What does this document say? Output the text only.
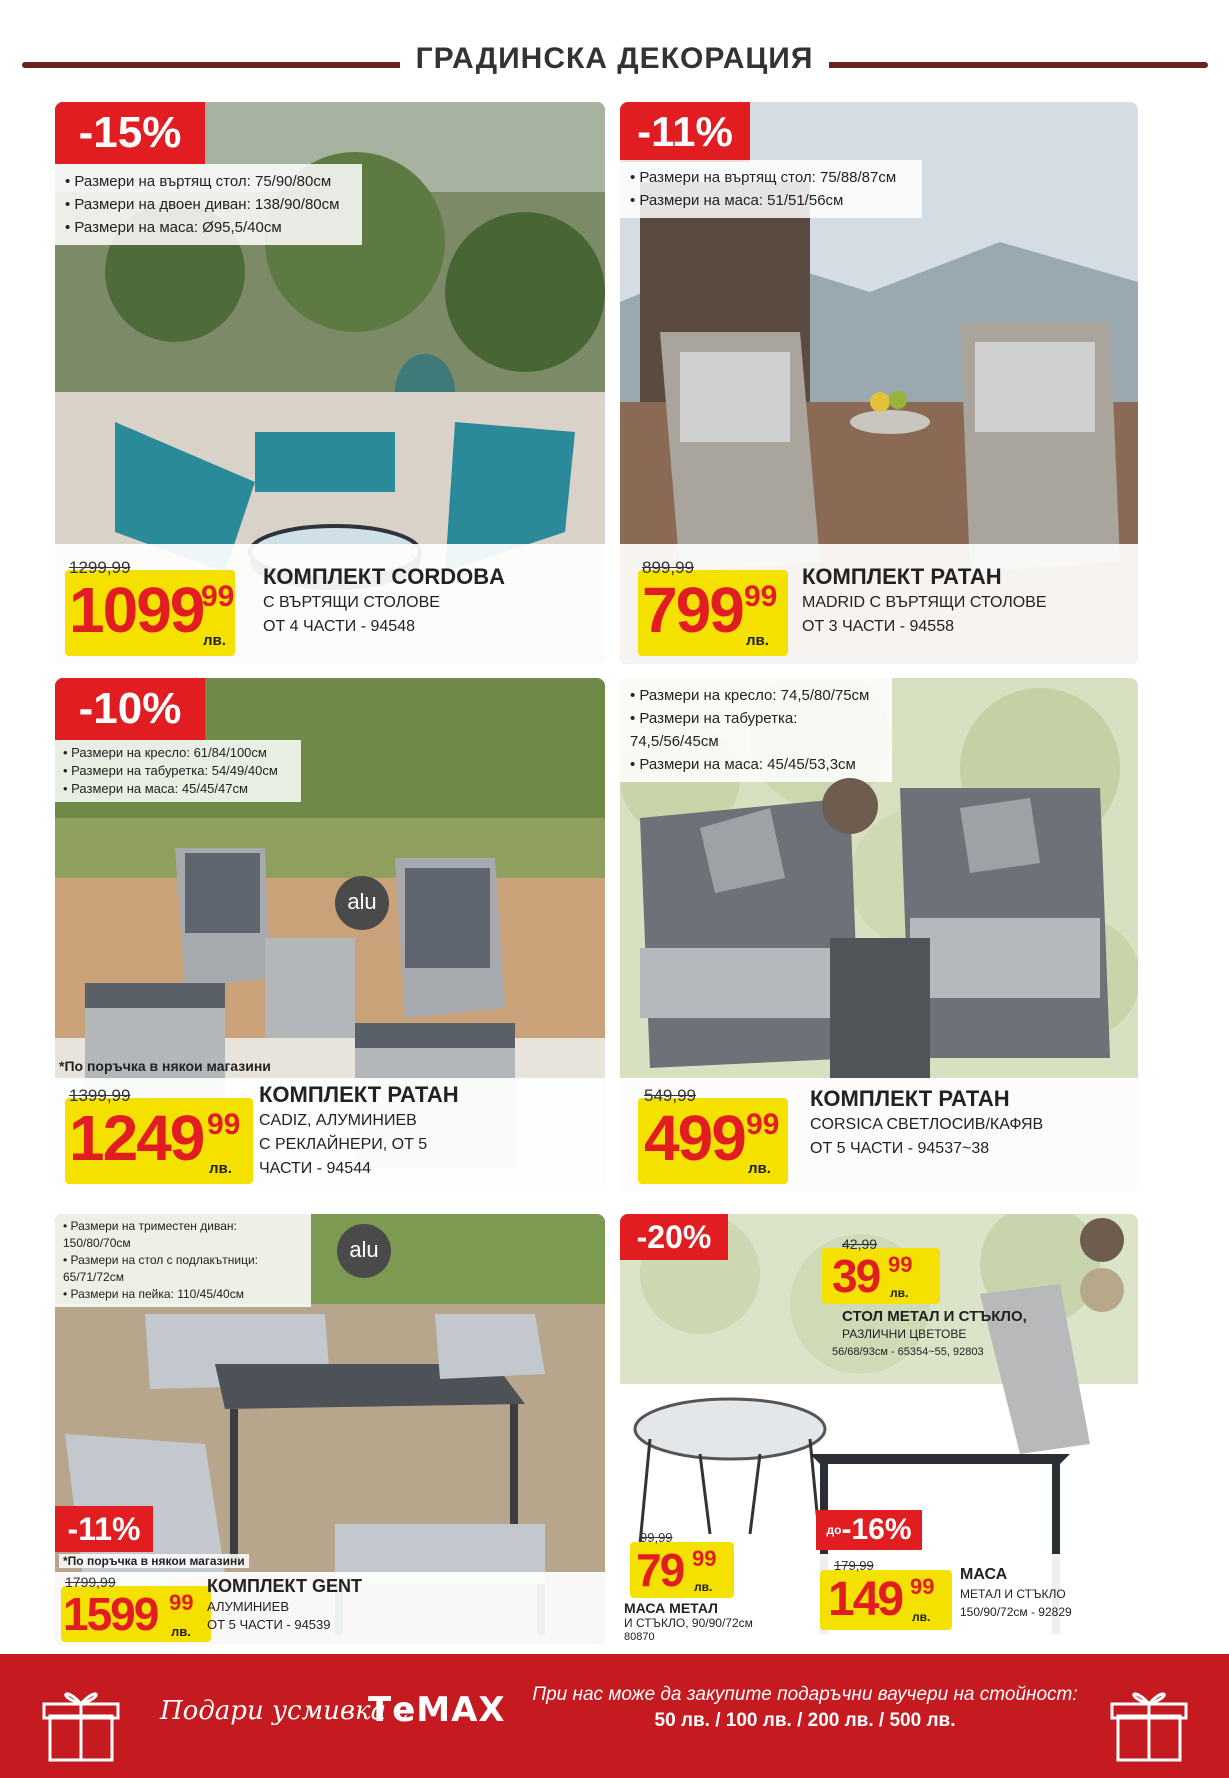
ГРАДИНСКА ДЕКОРАЦИЯ
-15%
• Размери на въртящ стол: 75/90/80см
• Размери на двоен диван: 138/90/80см
• Размери на маса: Ø95,5/40см
1299,99
1099
99
лв.
КОМПЛЕКТ CORDOBA
С ВЪРТЯЩИ СТОЛОВЕ
ОТ 4 ЧАСТИ - 94548
-11%
• Размери на въртящ стол: 75/88/87см
• Размери на маса: 51/51/56см
899,99
799 99
лв.
КОМПЛЕКТ РАТАН
MADRID С ВЪРТЯЩИ СТОЛОВЕ
ОТ 3 ЧАСТИ - 94558
-10%
• Размери на кресло: 61/84/100см
• Размери на табуретка: 54/49/40см
• Размери на маса: 45/45/47см
alu
*По поръчка в някои магазини
1399,99
1249 99
лв.
КОМПЛЕКТ РАТАН
CADIZ, АЛУМИНИЕВ
С РЕКЛАЙНЕРИ, ОТ 5
ЧАСТИ - 94544
• Размери на кресло: 74,5/80/75см
• Размери на табуретка: 74,5/56/45см
• Размери на маса: 45/45/53,3см
549,99
499 99
лв.
КОМПЛЕКТ РАТАН
CORSICA СВЕТЛОСИВ/КАФЯВ
ОТ 5 ЧАСТИ - 94537~38
• Размери на триместен диван: 150/80/70см
• Размери на стол с подлакътници: 65/71/72см
• Размери на пейка: 110/45/40см
alu
-11%
*По поръчка в някои магазини
1799,99
1599 99
лв.
КОМПЛЕКТ GENT
АЛУМИНИЕВ
ОТ 5 ЧАСТИ - 94539
-20%	42,99
39 99
лв.
СТОЛ МЕТАЛ И СТЪКЛО,
РАЗЛИЧНИ ЦВЕТОВЕ
56/68/93см - 65354~55, 92803
99,99
79 99
лв.
МАСА МЕТАЛ
И СТЪКЛО, 90/90/72см
80870
$^{до}$-16%
179,99
149 99
лв.
МАСА
МЕТАЛ И СТЪКЛО
150/90/72см - 92829
Подари усмивка с
ТеМАХ	При нас може да закупите подаръчни ваучери на стойност:
50 лв. / 100 лв. / 200 лв. / 500 лв.
